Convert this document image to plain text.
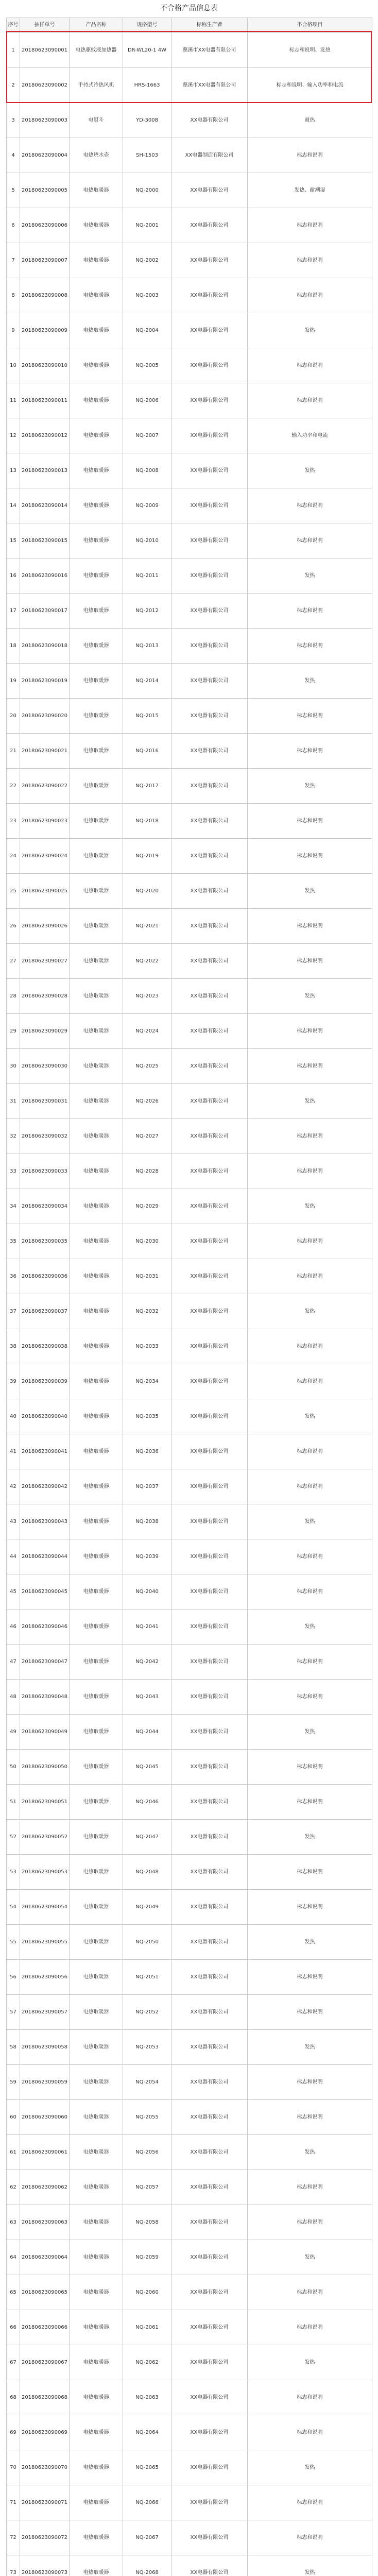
不合格产品信息表
序号	抽样单号	产品名称	规格型号	标称生产者	不合格项目
1	20180623090001	电热驱蚊液加热器	DR-WL20-1 4W	慈溪市XX电器有限公司	标志和说明、发热
2	20180623090002	手持式冷热风机	HRS-1663	慈溪市XX电器有限公司	标志和说明、输入功率和电流
3	20180623090003	电熨斗	YD-3008	XX电器有限公司	耐热
4	20180623090004	电热烧水壶	SH-1503	XX电器制造有限公司	标志和说明
5	20180623090005	电热取暖器	NQ-2000	XX电器有限公司	发热、耐潮湿
6	20180623090006	电热取暖器	NQ-2001	XX电器有限公司	标志和说明
7	20180623090007	电热取暖器	NQ-2002	XX电器有限公司	标志和说明
8	20180623090008	电热取暖器	NQ-2003	XX电器有限公司	标志和说明
9	20180623090009	电热取暖器	NQ-2004	XX电器有限公司	发热
10	20180623090010	电热取暖器	NQ-2005	XX电器有限公司	标志和说明
11	20180623090011	电热取暖器	NQ-2006	XX电器有限公司	标志和说明
12	20180623090012	电热取暖器	NQ-2007	XX电器有限公司	输入功率和电流
13	20180623090013	电热取暖器	NQ-2008	XX电器有限公司	发热
14	20180623090014	电热取暖器	NQ-2009	XX电器有限公司	标志和说明
15	20180623090015	电热取暖器	NQ-2010	XX电器有限公司	标志和说明
16	20180623090016	电热取暖器	NQ-2011	XX电器有限公司	发热
17	20180623090017	电热取暖器	NQ-2012	XX电器有限公司	标志和说明
18	20180623090018	电热取暖器	NQ-2013	XX电器有限公司	标志和说明
19	20180623090019	电热取暖器	NQ-2014	XX电器有限公司	发热
20	20180623090020	电热取暖器	NQ-2015	XX电器有限公司	标志和说明
21	20180623090021	电热取暖器	NQ-2016	XX电器有限公司	标志和说明
22	20180623090022	电热取暖器	NQ-2017	XX电器有限公司	发热
23	20180623090023	电热取暖器	NQ-2018	XX电器有限公司	标志和说明
24	20180623090024	电热取暖器	NQ-2019	XX电器有限公司	标志和说明
25	20180623090025	电热取暖器	NQ-2020	XX电器有限公司	发热
26	20180623090026	电热取暖器	NQ-2021	XX电器有限公司	标志和说明
27	20180623090027	电热取暖器	NQ-2022	XX电器有限公司	标志和说明
28	20180623090028	电热取暖器	NQ-2023	XX电器有限公司	发热
29	20180623090029	电热取暖器	NQ-2024	XX电器有限公司	标志和说明
30	20180623090030	电热取暖器	NQ-2025	XX电器有限公司	标志和说明
31	20180623090031	电热取暖器	NQ-2026	XX电器有限公司	发热
32	20180623090032	电热取暖器	NQ-2027	XX电器有限公司	标志和说明
33	20180623090033	电热取暖器	NQ-2028	XX电器有限公司	标志和说明
34	20180623090034	电热取暖器	NQ-2029	XX电器有限公司	发热
35	20180623090035	电热取暖器	NQ-2030	XX电器有限公司	标志和说明
36	20180623090036	电热取暖器	NQ-2031	XX电器有限公司	标志和说明
37	20180623090037	电热取暖器	NQ-2032	XX电器有限公司	发热
38	20180623090038	电热取暖器	NQ-2033	XX电器有限公司	标志和说明
39	20180623090039	电热取暖器	NQ-2034	XX电器有限公司	标志和说明
40	20180623090040	电热取暖器	NQ-2035	XX电器有限公司	发热
41	20180623090041	电热取暖器	NQ-2036	XX电器有限公司	标志和说明
42	20180623090042	电热取暖器	NQ-2037	XX电器有限公司	标志和说明
43	20180623090043	电热取暖器	NQ-2038	XX电器有限公司	发热
44	20180623090044	电热取暖器	NQ-2039	XX电器有限公司	标志和说明
45	20180623090045	电热取暖器	NQ-2040	XX电器有限公司	标志和说明
46	20180623090046	电热取暖器	NQ-2041	XX电器有限公司	发热
47	20180623090047	电热取暖器	NQ-2042	XX电器有限公司	标志和说明
48	20180623090048	电热取暖器	NQ-2043	XX电器有限公司	标志和说明
49	20180623090049	电热取暖器	NQ-2044	XX电器有限公司	发热
50	20180623090050	电热取暖器	NQ-2045	XX电器有限公司	标志和说明
51	20180623090051	电热取暖器	NQ-2046	XX电器有限公司	标志和说明
52	20180623090052	电热取暖器	NQ-2047	XX电器有限公司	发热
53	20180623090053	电热取暖器	NQ-2048	XX电器有限公司	标志和说明
54	20180623090054	电热取暖器	NQ-2049	XX电器有限公司	标志和说明
55	20180623090055	电热取暖器	NQ-2050	XX电器有限公司	发热
56	20180623090056	电热取暖器	NQ-2051	XX电器有限公司	标志和说明
57	20180623090057	电热取暖器	NQ-2052	XX电器有限公司	标志和说明
58	20180623090058	电热取暖器	NQ-2053	XX电器有限公司	发热
59	20180623090059	电热取暖器	NQ-2054	XX电器有限公司	标志和说明
60	20180623090060	电热取暖器	NQ-2055	XX电器有限公司	标志和说明
61	20180623090061	电热取暖器	NQ-2056	XX电器有限公司	发热
62	20180623090062	电热取暖器	NQ-2057	XX电器有限公司	标志和说明
63	20180623090063	电热取暖器	NQ-2058	XX电器有限公司	标志和说明
64	20180623090064	电热取暖器	NQ-2059	XX电器有限公司	发热
65	20180623090065	电热取暖器	NQ-2060	XX电器有限公司	标志和说明
66	20180623090066	电热取暖器	NQ-2061	XX电器有限公司	标志和说明
67	20180623090067	电热取暖器	NQ-2062	XX电器有限公司	发热
68	20180623090068	电热取暖器	NQ-2063	XX电器有限公司	标志和说明
69	20180623090069	电热取暖器	NQ-2064	XX电器有限公司	标志和说明
70	20180623090070	电热取暖器	NQ-2065	XX电器有限公司	发热
71	20180623090071	电热取暖器	NQ-2066	XX电器有限公司	标志和说明
72	20180623090072	电热取暖器	NQ-2067	XX电器有限公司	标志和说明
73	20180623090073	电热取暖器	NQ-2068	XX电器有限公司	发热
